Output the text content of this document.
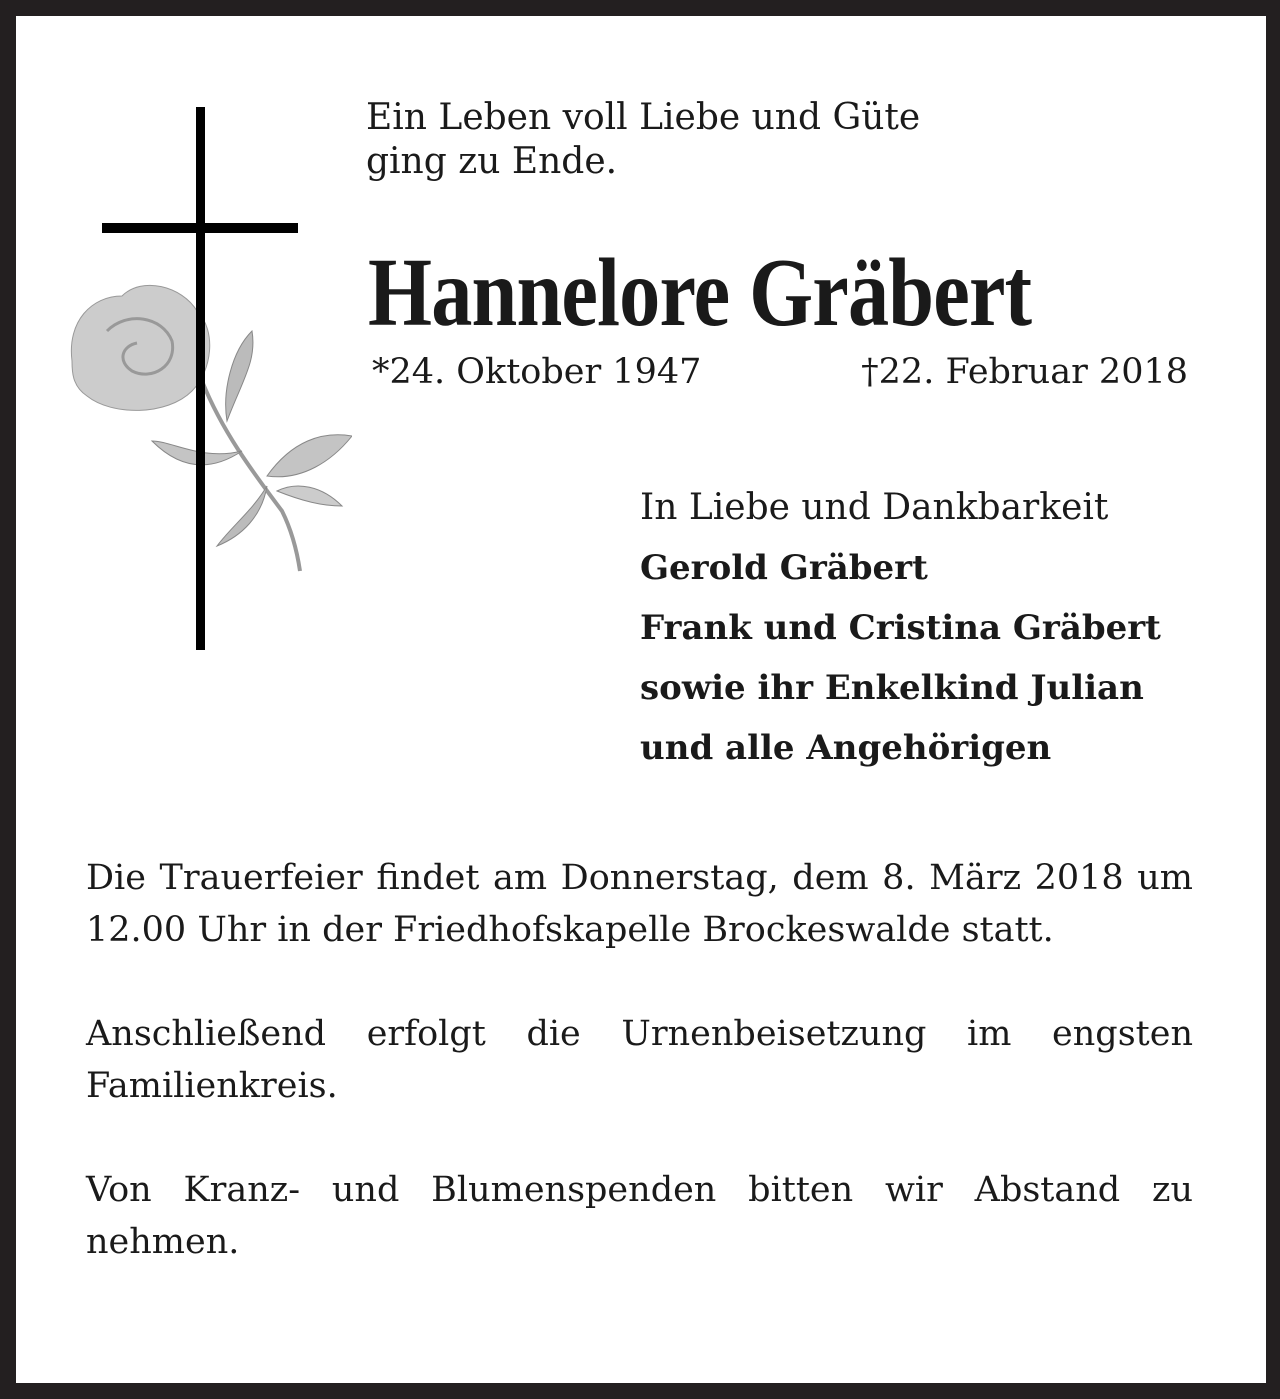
Ein Leben voll Liebe und Güte
ging zu Ende.
Hannelore Gräbert
*24. Oktober 1947	†22. Februar 2018
In Liebe und Dankbarkeit
Gerold Gräbert
Frank und Cristina Gräbert
sowie ihr Enkelkind Julian
und alle Angehörigen

Die Trauerfeier findet am Donnerstag, dem 8. März 2018 um 12.00 Uhr in der Friedhofskapelle Brockeswalde statt.

Anschließend erfolgt die Urnenbeisetzung im engsten Familienkreis.

Von Kranz- und Blumenspenden bitten wir Abstand zu nehmen.
